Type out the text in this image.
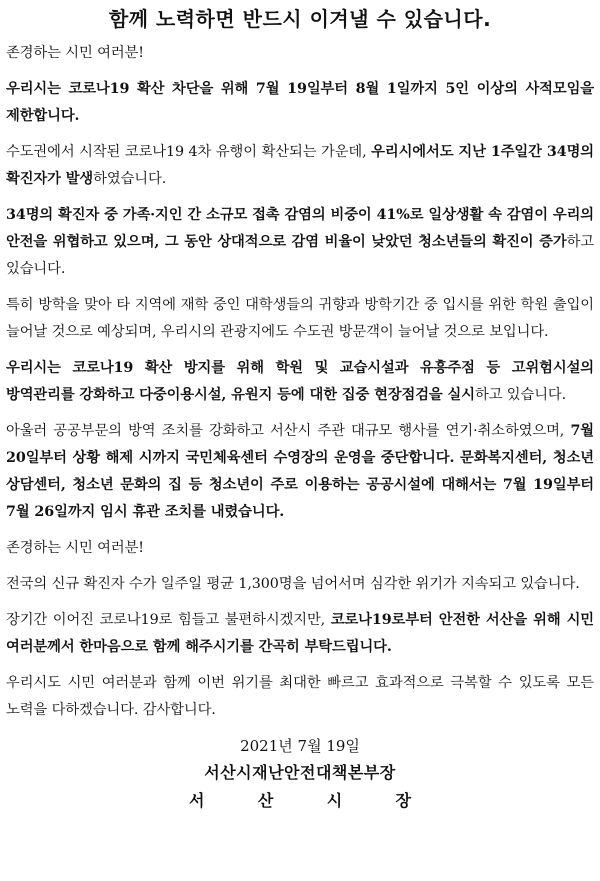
함께 노력하면 반드시 이겨낼 수 있습니다.

존경하는 시민 여러분!

우리시는 코로나19 확산 차단을 위해 7월 19일부터 8월 1일까지 5인 이상의 사적모임을 제한합니다.

수도권에서 시작된 코로나19 4차 유행이 확산되는 가운데, 우리시에서도 지난 1주일간 34명의 확진자가 발생하였습니다.

34명의 확진자 중 가족·지인 간 소규모 접촉 감염의 비중이 41%로 일상생활 속 감염이 우리의 안전을 위협하고 있으며, 그 동안 상대적으로 감염 비율이 낮았던 청소년들의 확진이 증가하고 있습니다.

특히 방학을 맞아 타 지역에 재학 중인 대학생들의 귀향과 방학기간 중 입시를 위한 학원 출입이 늘어날 것으로 예상되며, 우리시의 관광지에도 수도권 방문객이 늘어날 것으로 보입니다.

우리시는 코로나19 확산 방지를 위해 학원 및 교습시설과 유흥주점 등 고위험시설의 방역관리를 강화하고 다중이용시설, 유원지 등에 대한 집중 현장점검을 실시하고 있습니다.

아울러 공공부문의 방역 조치를 강화하고 서산시 주관 대규모 행사를 연기·취소하였으며, 7월 20일부터 상황 해제 시까지 국민체육센터 수영장의 운영을 중단합니다. 문화복지센터, 청소년 상담센터, 청소년 문화의 집 등 청소년이 주로 이용하는 공공시설에 대해서는 7월 19일부터 7월 26일까지 임시 휴관 조치를 내렸습니다.

존경하는 시민 여러분!

전국의 신규 확진자 수가 일주일 평균 1,300명을 넘어서며 심각한 위기가 지속되고 있습니다.

장기간 이어진 코로나19로 힘들고 불편하시겠지만, 코로나19로부터 안전한 서산을 위해 시민 여러분께서 한마음으로 함께 해주시기를 간곡히 부탁드립니다.

우리시도 시민 여러분과 함께 이번 위기를 최대한 빠르고 효과적으로 극복할 수 있도록 모든 노력을 다하겠습니다. 감사합니다.

2021년 7월 19일
서산시재난안전대책본부장
서	산	시	장
